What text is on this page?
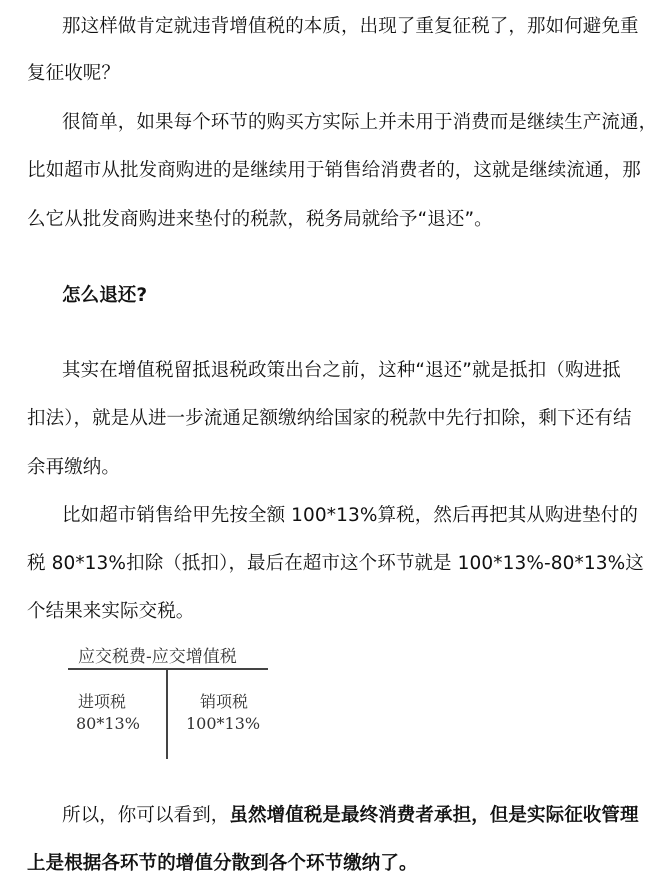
那这样做肯定就违背增值税的本质，出现了重复征税了，那如何避免重
复征收呢？
很简单，如果每个环节的购买方实际上并未用于消费而是继续生产流通，
比如超市从批发商购进的是继续用于销售给消费者的，这就是继续流通，那
么它从批发商购进来垫付的税款，税务局就给予“退还”。
怎么退还?
其实在增值税留抵退税政策出台之前，这种“退还”就是抵扣（购进抵
扣法），就是从进一步流通足额缴纳给国家的税款中先行扣除，剩下还有结
余再缴纳。
比如超市销售给甲先按全额 100*13%算税，然后再把其从购进垫付的
税 80*13%扣除（抵扣），最后在超市这个环节就是 100*13%-80*13%这
个结果来实际交税。
应交税费-应交增值税
进项税
80*13%
销项税
100*13%
所以，你可以看到，虽然增值税是最终消费者承担，但是实际征收管理
上是根据各环节的增值分散到各个环节缴纳了。
